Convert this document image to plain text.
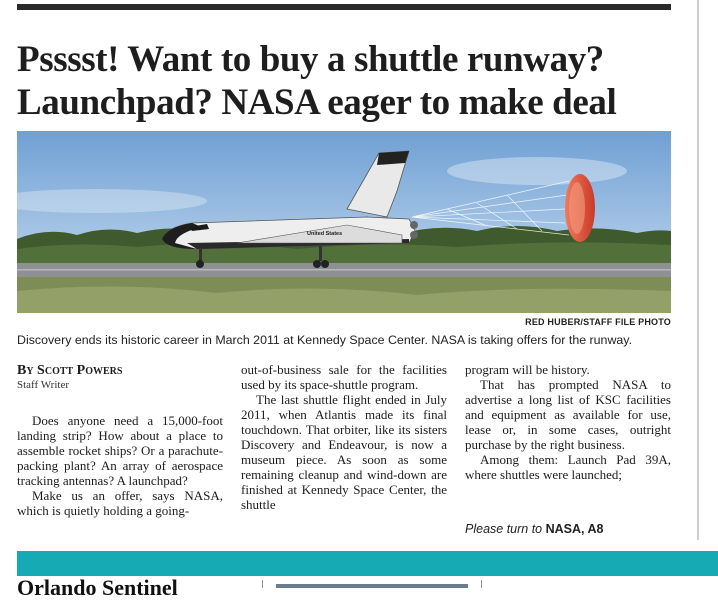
Psssst! Want to buy a shuttle runway?
Launchpad? NASA eager to make deal
United States
RED HUBER/STAFF FILE PHOTO
Discovery ends its historic career in March 2011 at Kennedy Space Center. NASA is taking offers for the runway.
By Scott Powers
Staff Writer

Does anyone need a 15,000-foot landing strip? How about a place to assemble rocket ships? Or a parachute-packing plant? An array of aerospace tracking antennas? A launchpad?

Make us an offer, says NASA, which is quietly holding a going-

out-of-business sale for the facilities used by its space-shuttle program.

The last shuttle flight ended in July 2011, when Atlantis made its final touchdown. That orbiter, like its sisters Discovery and Endeavour, is now a museum piece. As soon as some remaining cleanup and wind-down are finished at Kennedy Space Center, the shuttle

program will be history.

That has prompted NASA to advertise a long list of KSC facilities and equipment as available for use, lease or, in some cases, outright purchase by the right business.

Among them: Launch Pad 39A, where shuttles were launched;

Please turn to NASA, A8
Orlando Sentinel
